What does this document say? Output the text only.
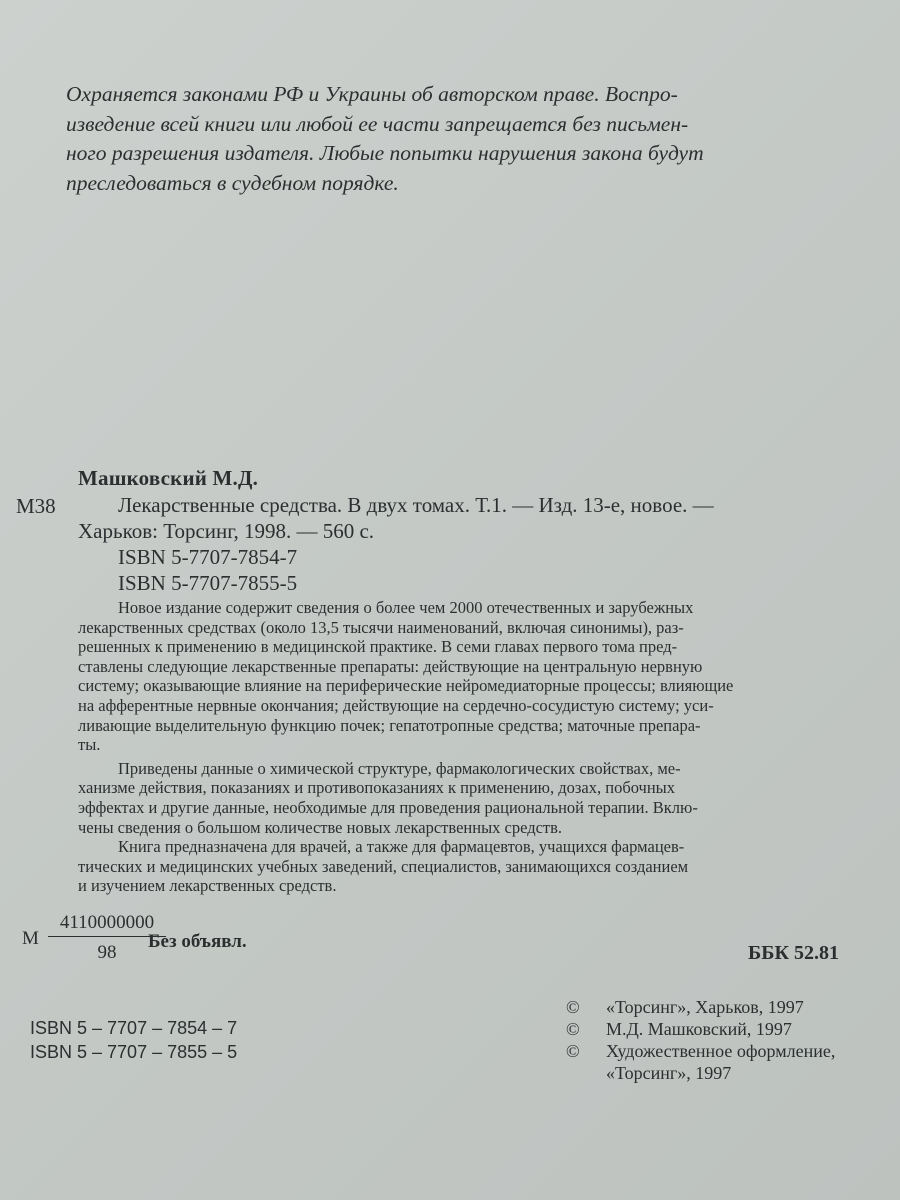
Охраняется законами РФ и Украины об авторском праве. Воспро-
изведение всей книги или любой ее части запрещается без письмен-
ного разрешения издателя. Любые попытки нарушения закона будут
преследоваться в судебном порядке.
Машковский М.Д.
М38	Лекарственные средства. В двух томах. Т.1. — Изд. 13-е, новое. —
Харьков: Торсинг, 1998. — 560 с.
ISBN 5-7707-7854-7
ISBN 5-7707-7855-5
Новое издание содержит сведения о более чем 2000 отечественных и зарубежных
лекарственных средствах (около 13,5 тысячи наименований, включая синонимы), раз-
решенных к применению в медицинской практике. В семи главах первого тома пред-
ставлены следующие лекарственные препараты: действующие на центральную нервную
систему; оказывающие влияние на периферические нейромедиаторные процессы; влияющие
на афферентные нервные окончания; действующие на сердечно-сосудистую систему; уси-
ливающие выделительную функцию почек; гепатотропные средства; маточные препара-
ты.
Приведены данные о химической структуре, фармакологических свойствах, ме-
ханизме действия, показаниях и противопоказаниях к применению, дозах, побочных
эффектах и другие данные, необходимые для проведения рациональной терапии. Вклю-
чены сведения о большом количестве новых лекарственных средств.
Книга предназначена для врачей, а также для фармацевтов, учащихся фармацев-
тических и медицинских учебных заведений, специалистов, занимающихся созданием
и изучением лекарственных средств.
М
4110000000
98
Без объявл.
ББК 52.81
ISBN 5 – 7707 – 7854 – 7
ISBN 5 – 7707 – 7855 – 5
© «Торсинг», Харьков, 1997
© М.Д. Машковский, 1997
© Художественное оформление,
«Торсинг», 1997
